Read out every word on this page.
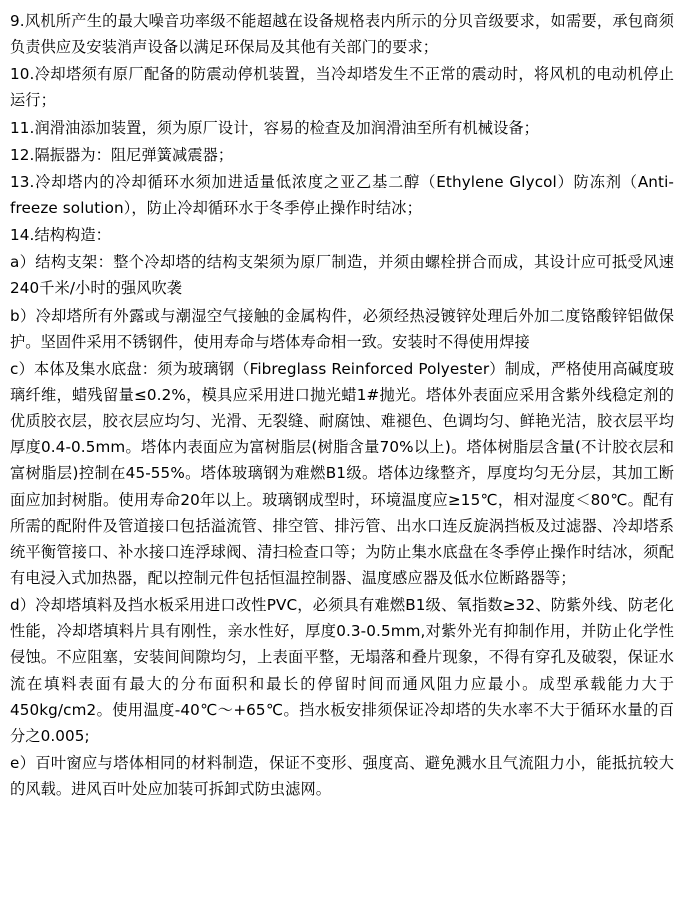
9.风机所产生的最大噪音功率级不能超越在设备规格表内所示的分贝音级要求，如需要，承包商须负责供应及安装消声设备以满足环保局及其他有关部门的要求；

10.冷却塔须有原厂配备的防震动停机装置，当冷却塔发生不正常的震动时，将风机的电动机停止运行；

11.润滑油添加装置，须为原厂设计，容易的检查及加润滑油至所有机械设备；

12.隔振器为：阻尼弹簧减震器；

13.冷却塔内的冷却循环水须加进适量低浓度之亚乙基二醇（Ethylene Glycol）防冻剂（Anti-freeze solution），防止冷却循环水于冬季停止操作时结冰；

14.结构构造：

a）结构支架：整个冷却塔的结构支架须为原厂制造，并须由螺栓拼合而成，其设计应可抵受风速240千米/小时的强风吹袭

b）冷却塔所有外露或与潮湿空气接触的金属构件，必须经热浸镀锌处理后外加二度铬酸锌铝做保护。坚固件采用不锈钢件，使用寿命与塔体寿命相一致。安装时不得使用焊接

c）本体及集水底盘：须为玻璃钢（Fibreglass Reinforced Polyester）制成，严格使用高碱度玻璃纤维，蜡残留量≤0.2%，模具应采用进口抛光蜡1#抛光。塔体外表面应采用含紫外线稳定剂的优质胶衣层，胶衣层应均匀、光滑、无裂缝、耐腐蚀、难褪色、色调均匀、鲜艳光洁，胶衣层平均厚度0.4-0.5mm。塔体内表面应为富树脂层(树脂含量70%以上)。塔体树脂层含量(不计胶衣层和富树脂层)控制在45-55%。塔体玻璃钢为难燃B1级。塔体边缘整齐，厚度均匀无分层，其加工断面应加封树脂。使用寿命20年以上。玻璃钢成型时，环境温度应≥15℃，相对湿度＜80℃。配有所需的配附件及管道接口包括溢流管、排空管、排污管、出水口连反旋涡挡板及过滤器、冷却塔系统平衡管接口、补水接口连浮球阀、清扫检查口等；为防止集水底盘在冬季停止操作时结冰，须配有电浸入式加热器，配以控制元件包括恒温控制器、温度感应器及低水位断路器等；

d）冷却塔填料及挡水板采用进口改性PVC，必须具有难燃B1级、氧指数≥32、防紫外线、防老化性能，冷却塔填料片具有刚性，亲水性好，厚度0.3-0.5mm,对紫外光有抑制作用，并防止化学性侵蚀。不应阻塞，安装间间隙均匀，上表面平整，无塌落和叠片现象，不得有穿孔及破裂，保证水流在填料表面有最大的分布面积和最长的停留时间而通风阻力应最小。成型承载能力大于450kg/cm2。使用温度-40℃～+65℃。挡水板安排须保证冷却塔的失水率不大于循环水量的百分之0.005;

e）百叶窗应与塔体相同的材料制造，保证不变形、强度高、避免溅水且气流阻力小，能抵抗较大的风载。进风百叶处应加装可拆卸式防虫滤网。
